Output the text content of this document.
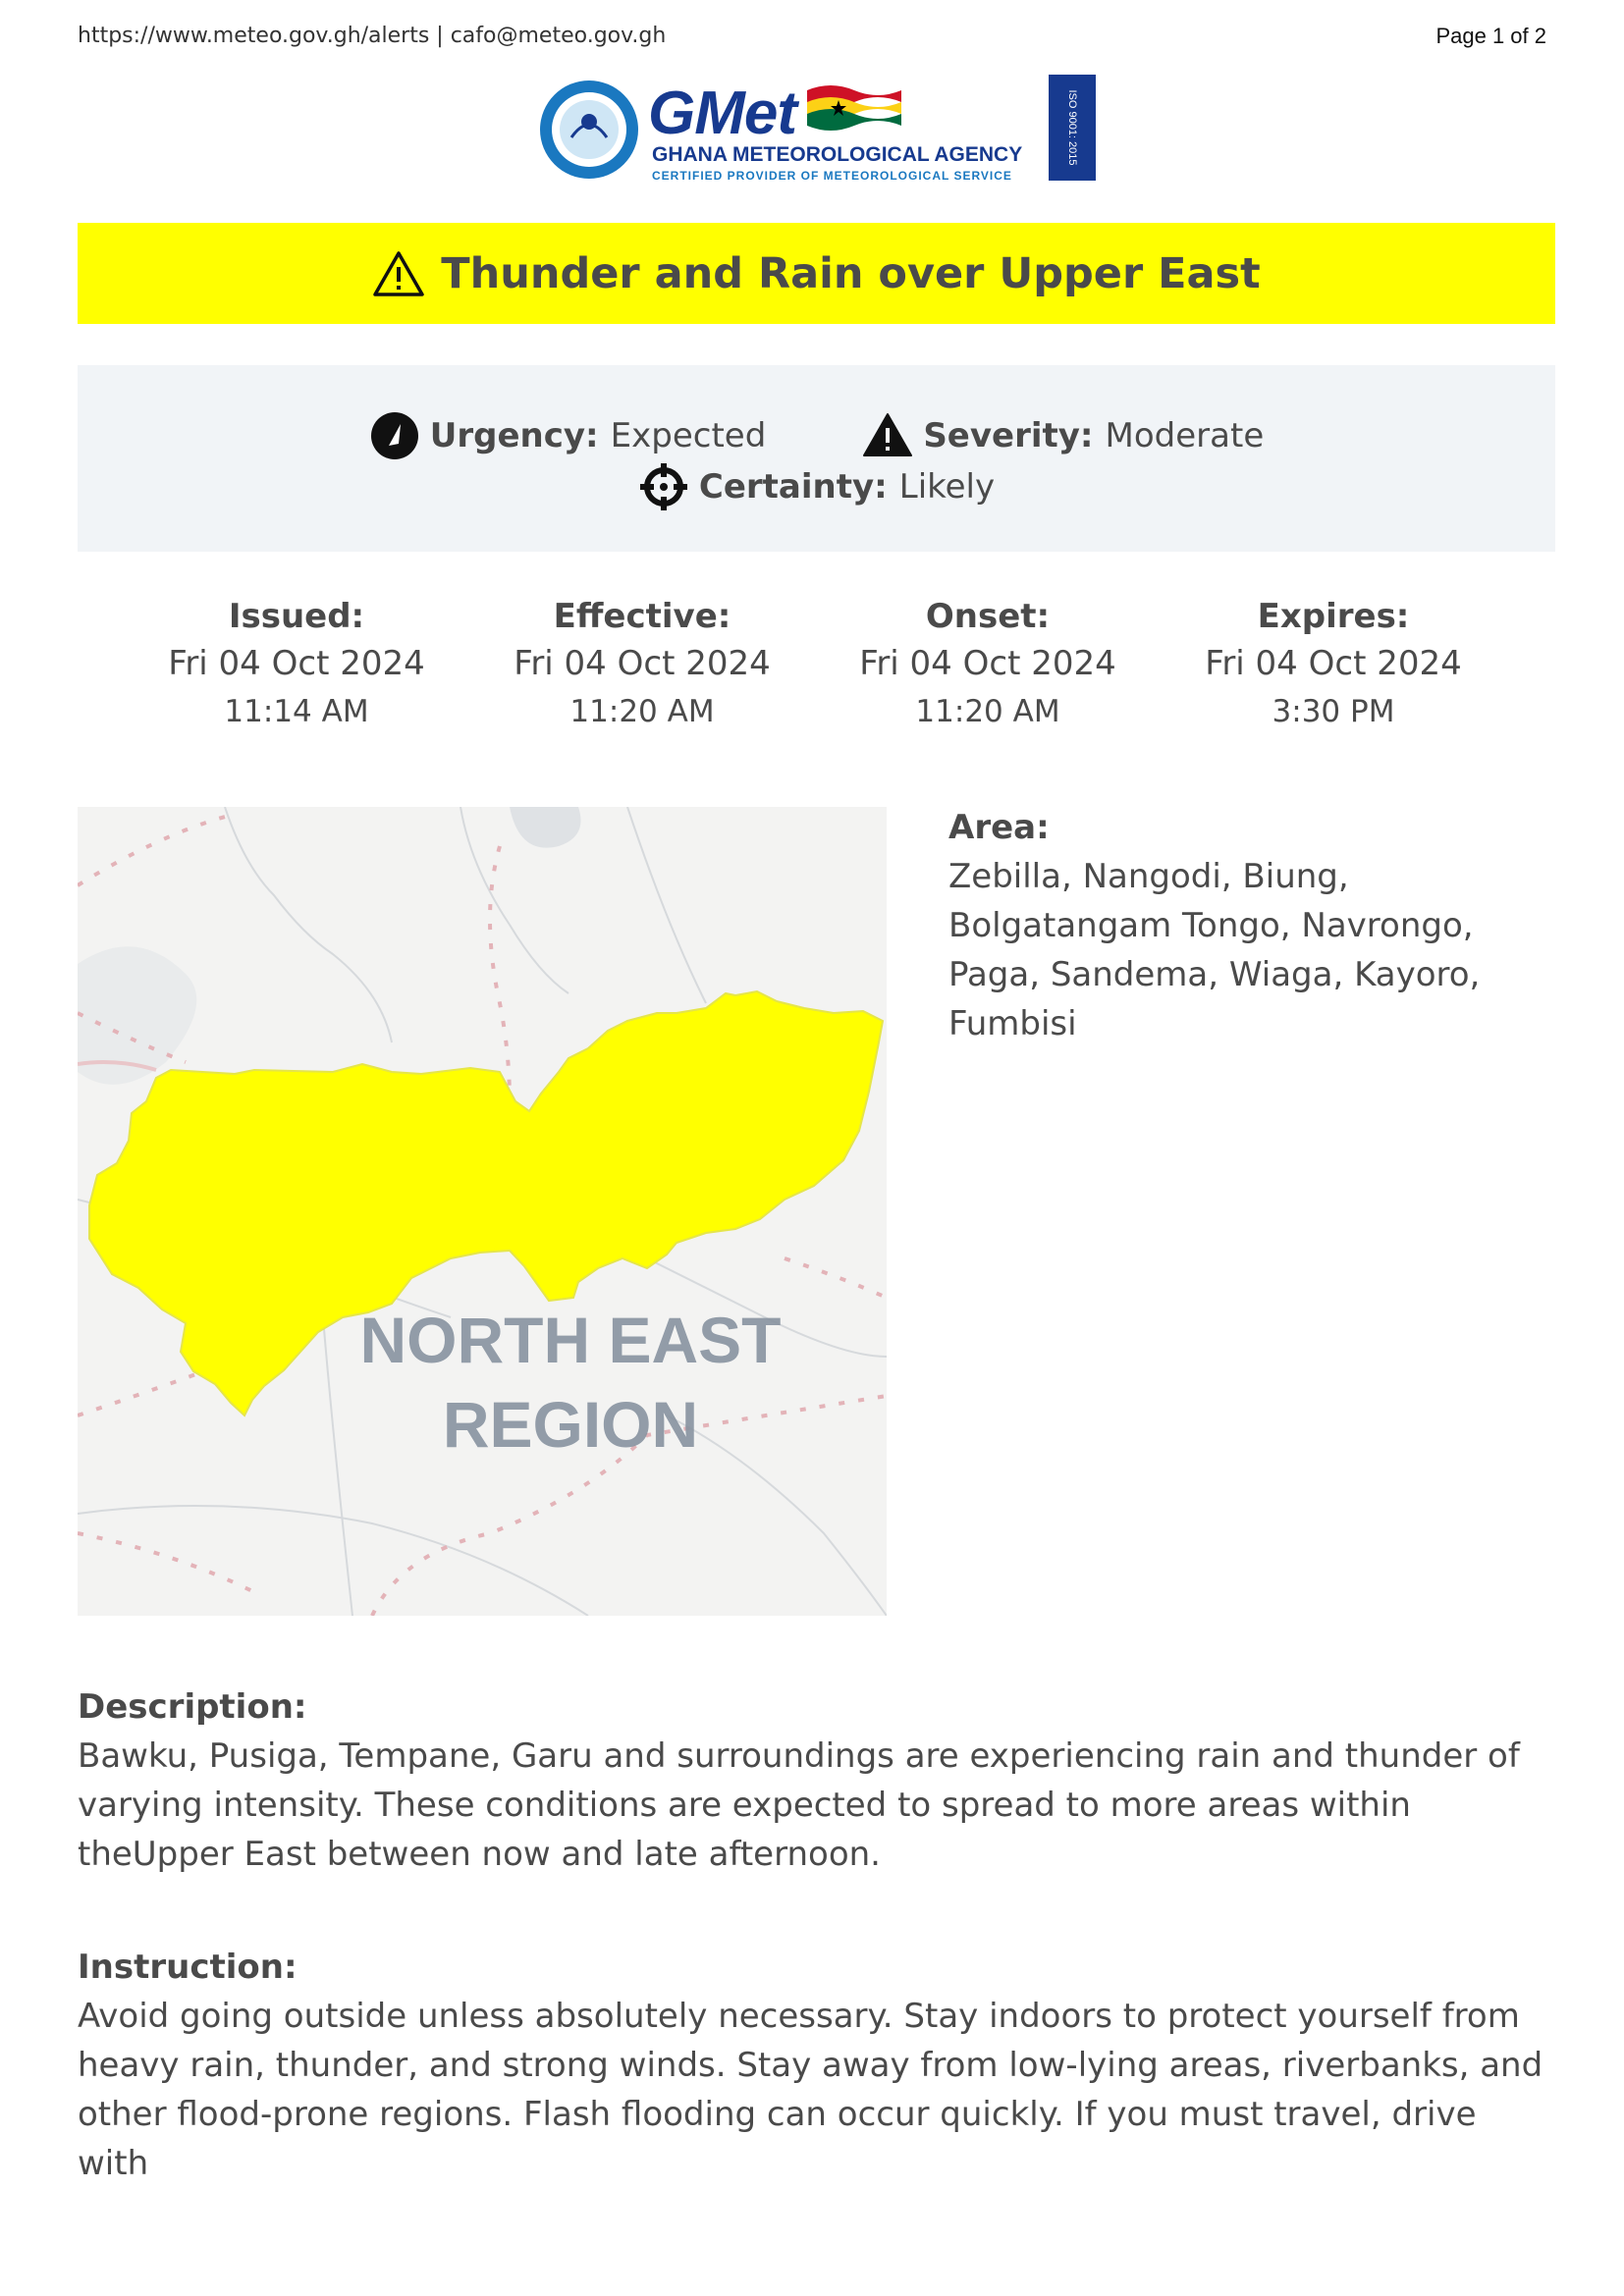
https://www.meteo.gov.gh/alerts | cafo@meteo.gov.gh	Page 1 of 2
GMet
GHANA METEOROLOGICAL AGENCY
CERTIFIED PROVIDER OF METEOROLOGICAL SERVICE
ISO 9001: 2015
Thunder and Rain over Upper East
Urgency: Expected	Severity: Moderate
Certainty: Likely
Issued:
Fri 04 Oct 2024
11:14 AM
Effective:
Fri 04 Oct 2024
11:20 AM
Onset:
Fri 04 Oct 2024
11:20 AM
Expires:
Fri 04 Oct 2024
3:30 PM
NORTH EAST
REGION
Area:
Zebilla, Nangodi, Biung, Bolgatangam Tongo, Navrongo, Paga, Sandema, Wiaga, Kayoro, Fumbisi
Description:
Bawku, Pusiga, Tempane, Garu and surroundings are experiencing rain and thunder of varying intensity. These conditions are expected to spread to more areas within theUpper East between now and late afternoon.
Instruction:
Avoid going outside unless absolutely necessary. Stay indoors to protect yourself from heavy rain, thunder, and strong winds. Stay away from low-lying areas, riverbanks, and other flood-prone regions. Flash flooding can occur quickly. If you must travel, drive with
